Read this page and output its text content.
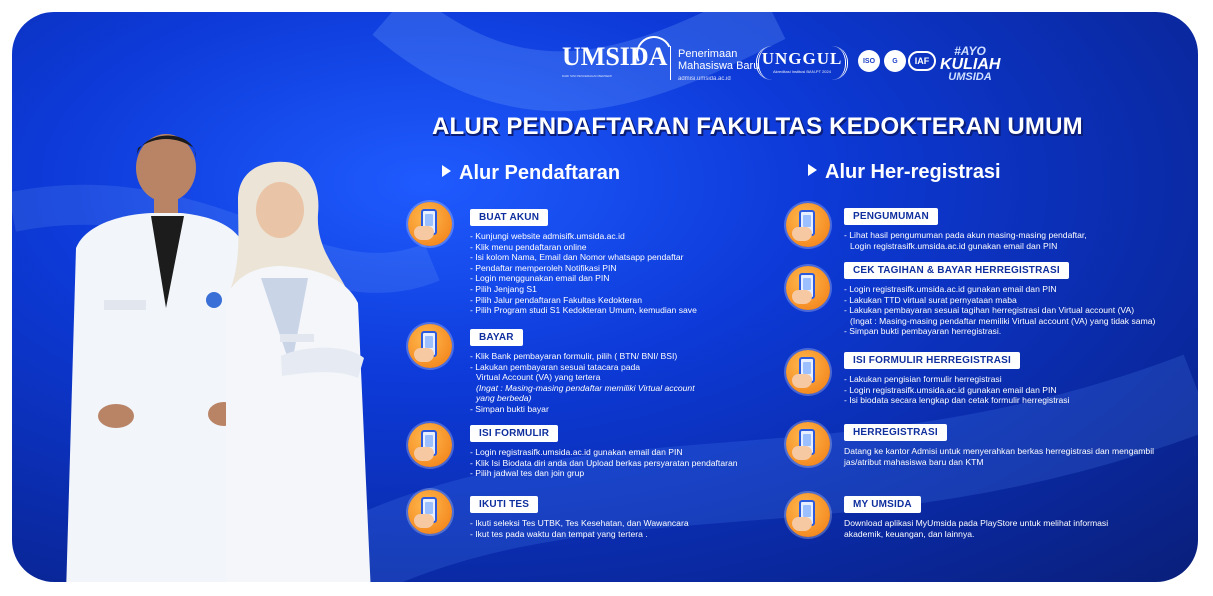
UMSIDA
DARI SINI PENCERAHAN BERSEMI
Penerimaan
Mahasiswa Baru
admisi.umsida.ac.id
UNGGUL
Akreditasi Institusi BAN-PT 2024
ISO	G	IAF
#AYO
KULIAH
UMSIDA
ALUR PENDAFTARAN FAKULTAS KEDOKTERAN UMUM
Alur Pendaftaran	Alur Her-registrasi
BUAT AKUN
- Kunjungi website admisifk.umsida.ac.id
- Klik menu pendaftaran online
- Isi kolom Nama, Email dan Nomor whatsapp pendaftar
- Pendaftar memperoleh Notifikasi PIN
- Login menggunakan email dan PIN
- Pilih Jenjang S1
- Pilih Jalur pendaftaran Fakultas Kedokteran
- Pilih Program studi S1 Kedokteran Umum, kemudian save
BAYAR
- Klik Bank pembayaran formulir, pilih ( BTN/ BNI/ BSI)
- Lakukan pembayaran sesuai tatacara pada
Virtual Account (VA) yang tertera
(Ingat : Masing-masing pendaftar memiliki Virtual account
yang berbeda)
- Simpan bukti bayar
ISI FORMULIR
- Login registrasifk.umsida.ac.id gunakan email dan PIN
- Klik Isi Biodata diri anda dan Upload berkas persyaratan pendaftaran
- Pilih jadwal tes dan join grup
IKUTI TES
- Ikuti seleksi Tes UTBK, Tes Kesehatan, dan Wawancara
- Ikut tes pada waktu dan tempat yang tertera .
PENGUMUMAN
- Lihat hasil pengumuman pada akun masing-masing pendaftar,
Login registrasifk.umsida.ac.id gunakan email dan PIN
CEK TAGIHAN & BAYAR HERREGISTRASI
- Login registrasifk.umsida.ac.id gunakan email dan PIN
- Lakukan TTD virtual surat pernyataan maba
- Lakukan pembayaran sesuai tagihan herregistrasi dan Virtual account (VA)
(Ingat : Masing-masing pendaftar memiliki Virtual account (VA) yang tidak sama)
- Simpan bukti pembayaran herregistrasi.
ISI FORMULIR HERREGISTRASI
- Lakukan pengisian formulir herregistrasi
- Login registrasifk.umsida.ac.id gunakan email dan PIN
- Isi biodata secara lengkap dan cetak formulir herregistrasi
HERREGISTRASI
Datang ke kantor Admisi untuk menyerahkan berkas herregistrasi dan mengambil
jas/atribut mahasiswa baru dan KTM
MY UMSIDA
Download aplikasi MyUmsida pada PlayStore untuk melihat informasi
akademik, keuangan, dan lainnya.
